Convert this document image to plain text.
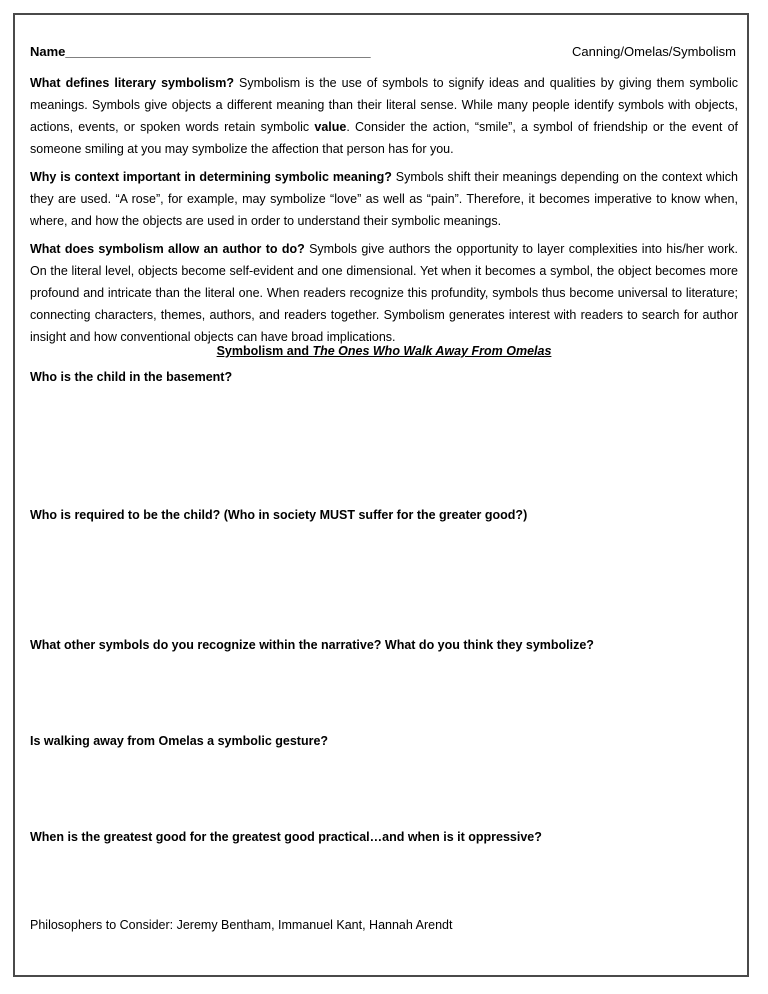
Name____________________________________________	Canning/Omelas/Symbolism
What defines literary symbolism? Symbolism is the use of symbols to signify ideas and qualities by giving them symbolic meanings. Symbols give objects a different meaning than their literal sense. While many people identify symbols with objects, actions, events, or spoken words retain symbolic value. Consider the action, “smile”, a symbol of friendship or the event of someone smiling at you may symbolize the affection that person has for you.
Why is context important in determining symbolic meaning? Symbols shift their meanings depending on the context which they are used. “A rose”, for example, may symbolize “love” as well as “pain”. Therefore, it becomes imperative to know when, where, and how the objects are used in order to understand their symbolic meanings.
What does symbolism allow an author to do? Symbols give authors the opportunity to layer complexities into his/her work. On the literal level, objects become self-evident and one dimensional. Yet when it becomes a symbol, the object becomes more profound and intricate than the literal one. When readers recognize this profundity, symbols thus become universal to literature; connecting characters, themes, authors, and readers together. Symbolism generates interest with readers to search for author insight and how conventional objects can have broad implications.
Symbolism and The Ones Who Walk Away From Omelas
Who is the child in the basement?
Who is required to be the child? (Who in society MUST suffer for the greater good?)
What other symbols do you recognize within the narrative? What do you think they symbolize?
Is walking away from Omelas a symbolic gesture?
When is the greatest good for the greatest good practical…and when is it oppressive?
Philosophers to Consider: Jeremy Bentham, Immanuel Kant, Hannah Arendt
